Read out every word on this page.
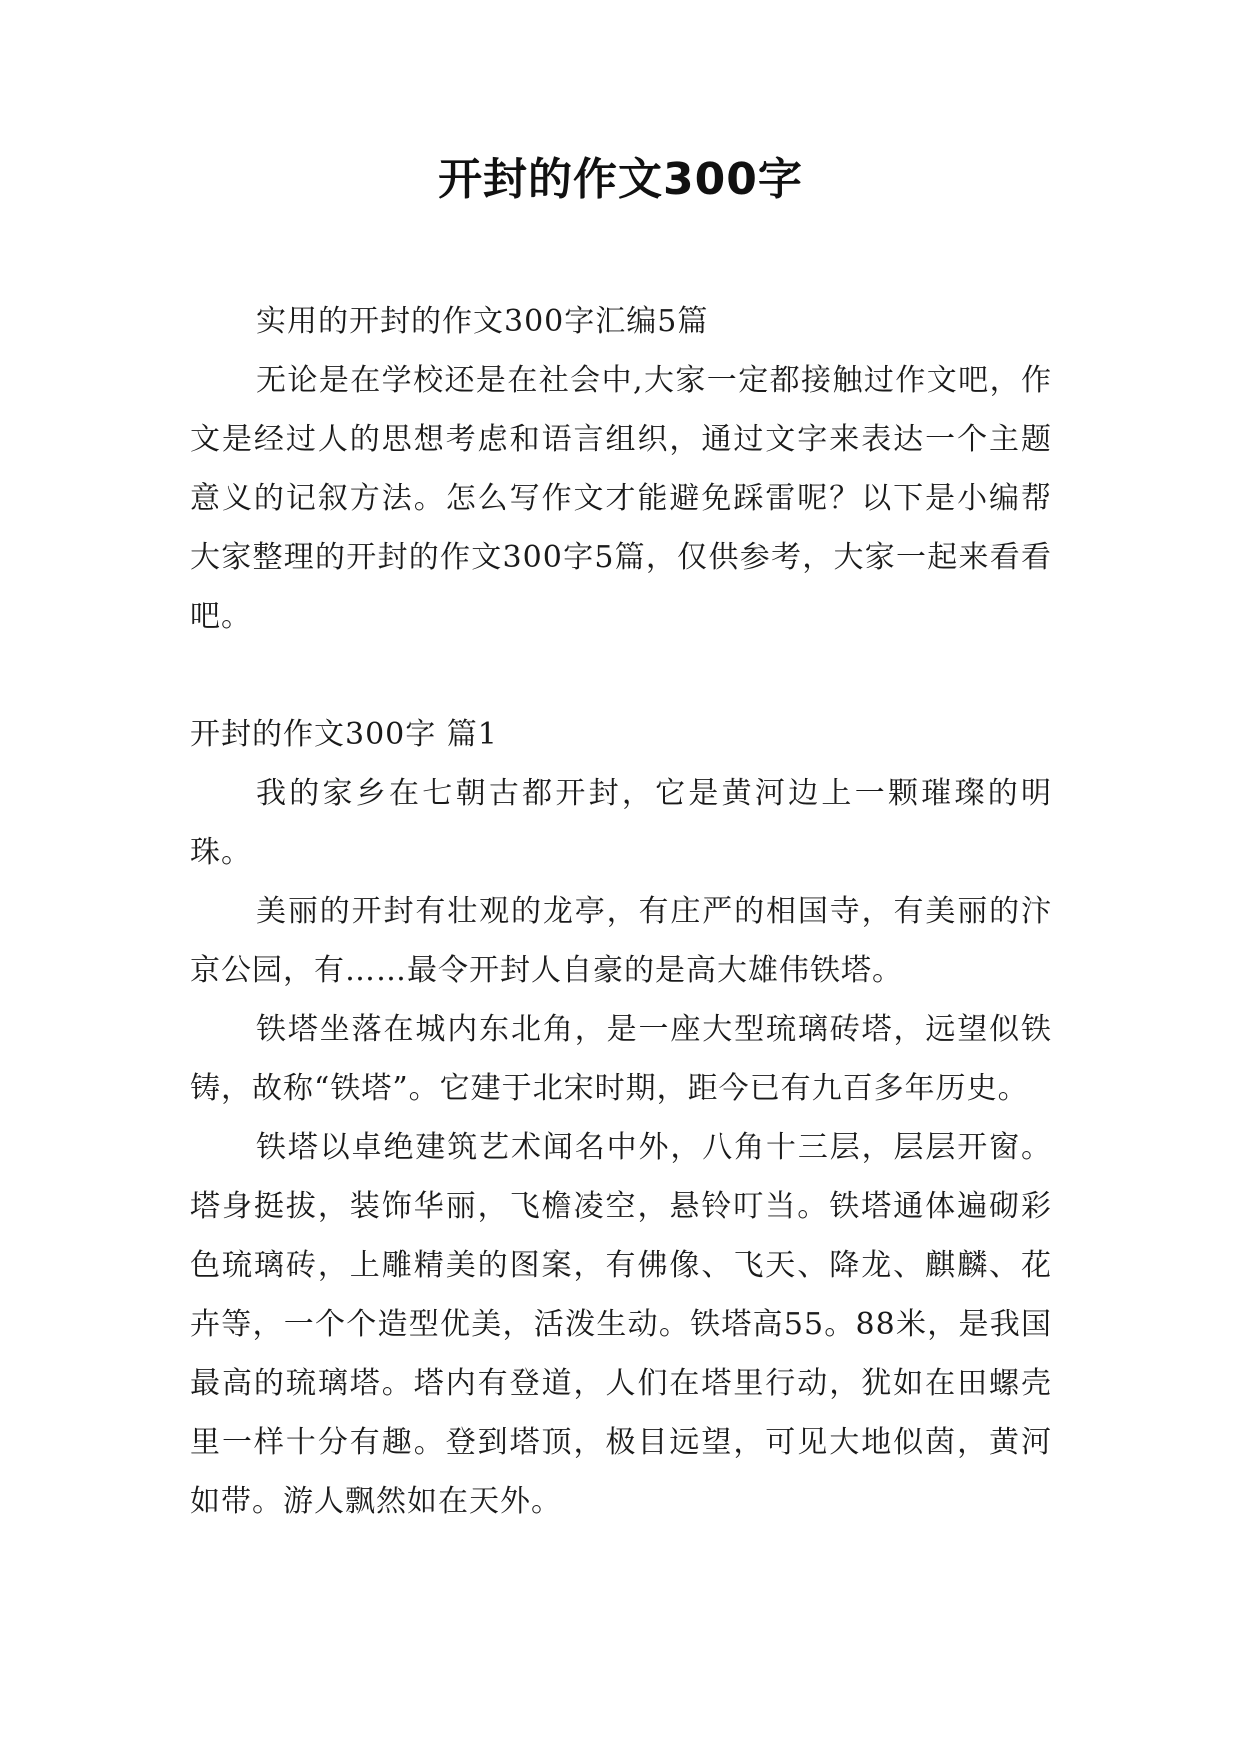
开封的作文300字

实用的开封的作文300字汇编5篇

无论是在学校还是在社会中,大家一定都接触过作文吧，作文是经过人的思想考虑和语言组织，通过文字来表达一个主题意义的记叙方法。怎么写作文才能避免踩雷呢？以下是小编帮大家整理的开封的作文300字5篇，仅供参考，大家一起来看看吧。

开封的作文300字 篇1

我的家乡在七朝古都开封，它是黄河边上一颗璀璨的明珠。

美丽的开封有壮观的龙亭，有庄严的相国寺，有美丽的汴京公园，有……最令开封人自豪的是高大雄伟铁塔。

铁塔坐落在城内东北角，是一座大型琉璃砖塔，远望似铁铸，故称“铁塔”。它建于北宋时期，距今已有九百多年历史。

铁塔以卓绝建筑艺术闻名中外，八角十三层，层层开窗。塔身挺拔，装饰华丽，飞檐凌空，悬铃叮当。铁塔通体遍砌彩色琉璃砖，上雕精美的图案，有佛像、飞天、降龙、麒麟、花卉等，一个个造型优美，活泼生动。铁塔高55。88米，是我国最高的琉璃塔。塔内有登道，人们在塔里行动，犹如在田螺壳里一样十分有趣。登到塔顶，极目远望，可见大地似茵，黄河如带。游人飘然如在天外。
